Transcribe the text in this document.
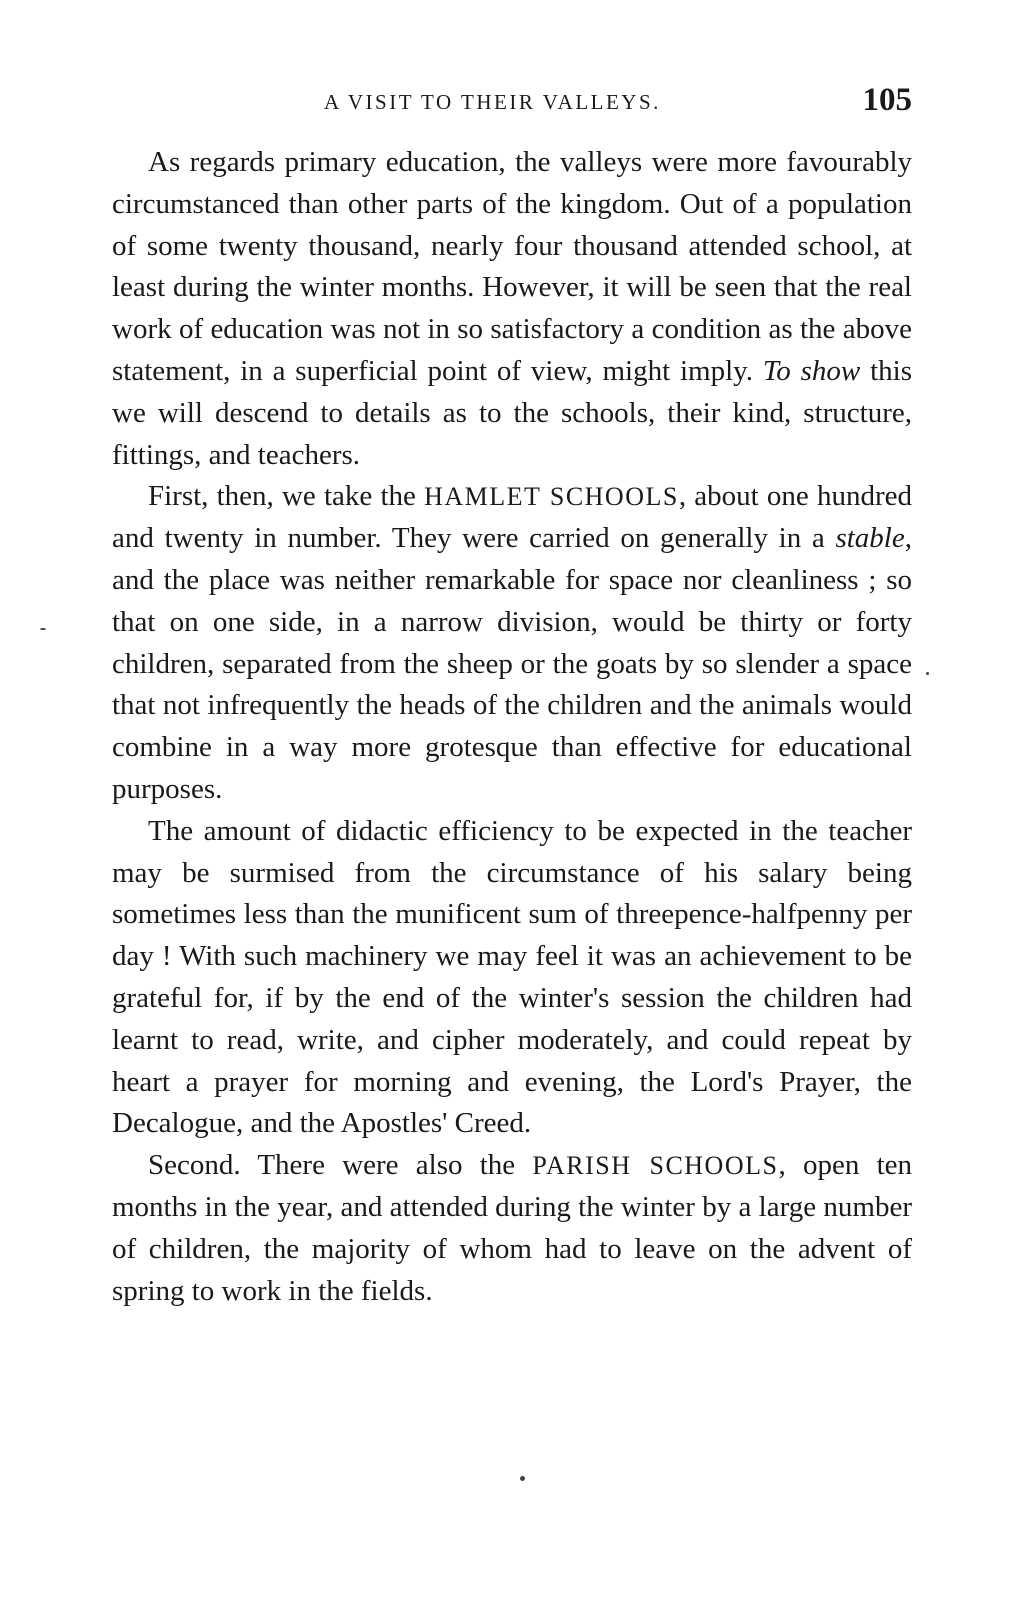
A VISIT TO THEIR VALLEYS.	105

As regards primary education, the valleys were more favourably circumstanced than other parts of the kingdom. Out of a population of some twenty thousand, nearly four thousand attended school, at least during the winter months. However, it will be seen that the real work of education was not in so satisfactory a condition as the above statement, in a superficial point of view, might imply. To show this we will descend to details as to the schools, their kind, structure, fittings, and teachers.

First, then, we take the HAMLET SCHOOLS, about one hundred and twenty in number. They were carried on generally in a stable, and the place was neither remarkable for space nor cleanliness ; so that on one side, in a narrow division, would be thirty or forty children, separated from the sheep or the goats by so slender a space that not infrequently the heads of the children and the animals would combine in a way more grotesque than effective for educational purposes.

The amount of didactic efficiency to be expected in the teacher may be surmised from the circumstance of his salary being sometimes less than the munificent sum of threepence-halfpenny per day ! With such machinery we may feel it was an achievement to be grateful for, if by the end of the winter's session the children had learnt to read, write, and cipher moderately, and could repeat by heart a prayer for morning and evening, the Lord's Prayer, the Decalogue, and the Apostles' Creed.

Second. There were also the PARISH SCHOOLS, open ten months in the year, and attended during the winter by a large number of children, the majority of whom had to leave on the advent of spring to work in the fields.
